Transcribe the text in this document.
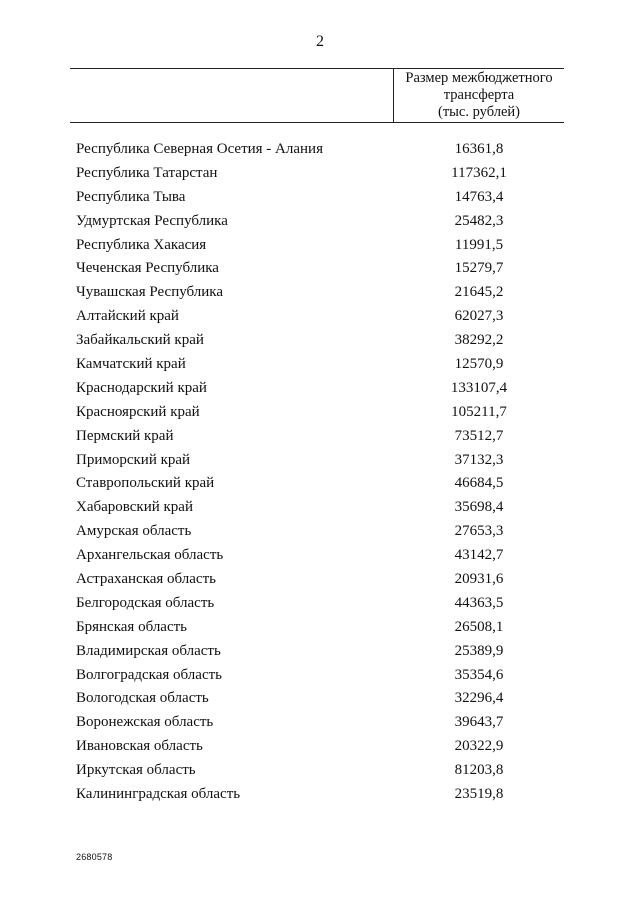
2
Размер межбюджетного
трансферта
(тыс. рублей)
Республика Северная Осетия - Алания	16361,8
Республика Татарстан	117362,1
Республика Тыва	14763,4
Удмуртская Республика	25482,3
Республика Хакасия	11991,5
Чеченская Республика	15279,7
Чувашская Республика	21645,2
Алтайский край	62027,3
Забайкальский край	38292,2
Камчатский край	12570,9
Краснодарский край	133107,4
Красноярский край	105211,7
Пермский край	73512,7
Приморский край	37132,3
Ставропольский край	46684,5
Хабаровский край	35698,4
Амурская область	27653,3
Архангельская область	43142,7
Астраханская область	20931,6
Белгородская область	44363,5
Брянская область	26508,1
Владимирская область	25389,9
Волгоградская область	35354,6
Вологодская область	32296,4
Воронежская область	39643,7
Ивановская область	20322,9
Иркутская область	81203,8
Калининградская область	23519,8
2680578
